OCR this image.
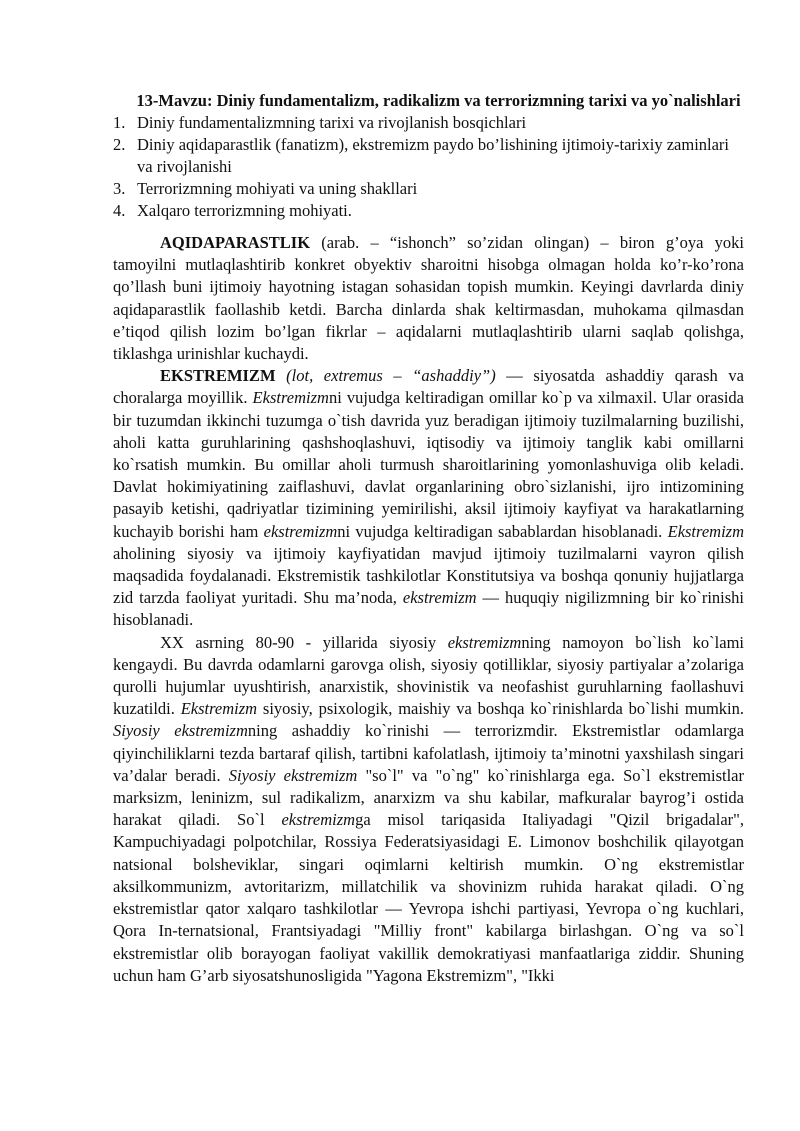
13-Mavzu: Diniy fundamentalizm, radikalizm va terrorizmning tarixi va yo`nalishlari
1. Diniy fundamentalizmning tarixi va rivojlanish bosqichlari
2. Diniy aqidaparastlik (fanatizm), ekstremizm paydo bo’lishining ijtimoiy-tarixiy zaminlari va rivojlanishi
3. Terrorizmning mohiyati va uning shakllari
4. Xalqaro terrorizmning mohiyati.

AQIDAPARASTLIK (arab. – “ishonch” so’zidan olingan) – biron g’oya yoki tamoyilni mutlaqlashtirib konkret obyektiv sharoitni hisobga olmagan holda ko’r-ko’rona qo’llash buni ijtimoiy hayotning istagan sohasidan topish mumkin. Keyingi davrlarda diniy aqidaparastlik faollashib ketdi. Barcha dinlarda shak keltirmasdan, muhokama qilmasdan e’tiqod qilish lozim bo’lgan fikrlar – aqidalarni mutlaqlashtirib ularni saqlab qolishga, tiklashga urinishlar kuchaydi.

EKSTREMIZM (lot, extremus – “ashaddiy”) — siyosatda ashaddiy qarash va choralarga moyillik. Ekstremizmni vujudga keltiradigan omillar ko`p va xilmaxil. Ular orasida bir tuzumdan ikkinchi tuzumga o`tish davrida yuz beradigan ijtimoiy tuzilmalarning buzilishi, aholi katta guruhlarining qashshoqlashuvi, iqtisodiy va ijtimoiy tanglik kabi omillarni ko`rsatish mumkin. Bu omillar aholi turmush sharoitlarining yomonlashuviga olib keladi. Davlat hokimiyatining zaiflashuvi, davlat organlarining obro`sizlanishi, ijro intizomining pasayib ketishi, qadriyatlar tizimining yemirilishi, aksil ijtimoiy kayfiyat va harakatlarning kuchayib borishi ham ekstremizmni vujudga keltiradigan sabablardan hisoblanadi. Ekstremizm aholining siyosiy va ijtimoiy kayfiyatidan mavjud ijtimoiy tuzilmalarni vayron qilish maqsadida foydalanadi. Ekstremistik tashkilotlar Konstitutsiya va boshqa qonuniy hujjatlarga zid tarzda faoliyat yuritadi. Shu ma’noda, ekstremizm — huquqiy nigilizmning bir ko`rinishi hisoblanadi.

XX asrning 80-90 - yillarida siyosiy ekstremizmning namoyon bo`lish ko`lami kengaydi. Bu davrda odamlarni garovga olish, siyosiy qotilliklar, siyosiy partiyalar a’zolariga qurolli hujumlar uyushtirish, anarxistik, shovinistik va neofashist guruhlarning faollashuvi kuzatildi. Ekstremizm siyosiy, psixologik, maishiy va boshqa ko`rinishlarda bo`lishi mumkin. Siyosiy ekstremizmning ashaddiy ko`rinishi — terrorizmdir. Ekstremistlar odamlarga qiyinchiliklarni tezda bartaraf qilish, tartibni kafolatlash, ijtimoiy ta’minotni yaxshilash singari va’dalar beradi. Siyosiy ekstremizm "so`l" va "o`ng" ko`rinishlarga ega. So`l ekstremistlar marksizm, leninizm, sul radikalizm, anarxizm va shu kabilar, mafkuralar bayrog’i ostida harakat qiladi. So`l ekstremizmga misol tariqasida Italiyadagi "Qizil brigadalar", Kampuchiyadagi polpotchilar, Rossiya Federatsiyasidagi E. Limonov boshchilik qilayotgan natsional bolsheviklar, singari oqimlarni keltirish mumkin. O`ng ekstremistlar aksilkommunizm, avtoritarizm, millatchilik va shovinizm ruhida harakat qiladi. O`ng ekstremistlar qator xalqaro tashkilotlar — Yevropa ishchi partiyasi, Yevropa o`ng kuchlari, Qora In-ternatsional, Frantsiyadagi "Milliy front" kabilarga birlashgan. O`ng va so`l ekstremistlar olib borayogan faoliyat vakillik demokratiyasi manfaatlariga ziddir. Shuning uchun ham G’arb siyosatshunosligida "Yagona Ekstremizm", "Ikki
